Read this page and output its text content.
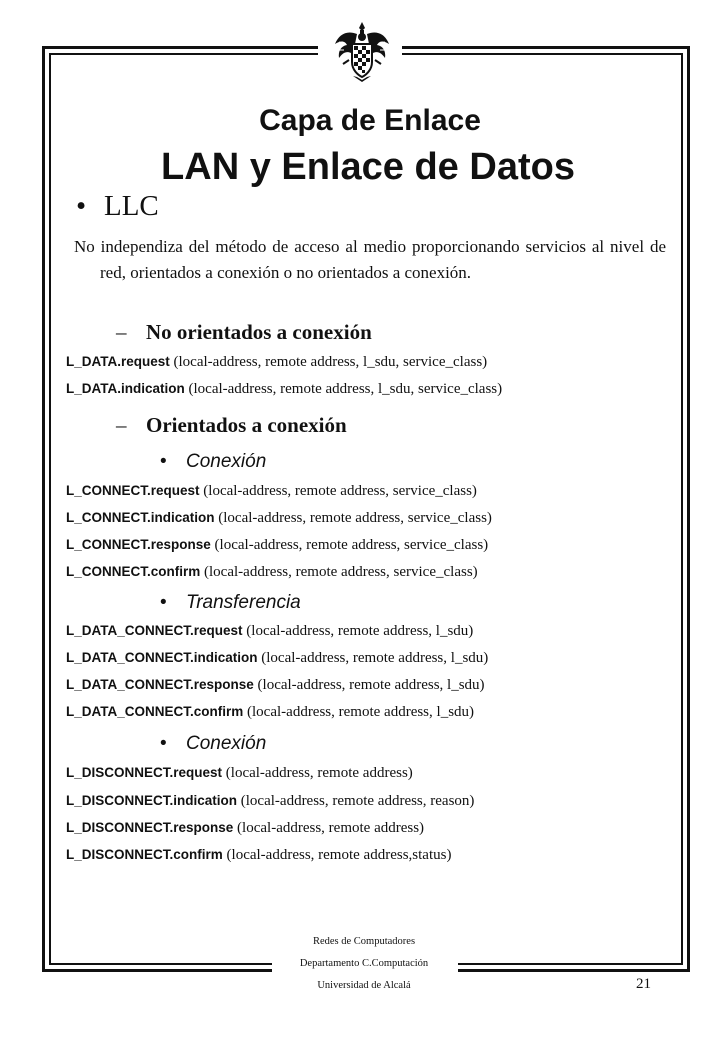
Capa de Enlace
LAN y Enlace de Datos
• LLC
No independiza del método de acceso al medio proporcionando servicios al nivel de red, orientados a conexión o no orientados a conexión.
– No orientados a conexión
L_DATA.request (local-address, remote address, l_sdu, service_class)
L_DATA.indication (local-address, remote address, l_sdu, service_class)
– Orientados a conexión
• Conexión
L_CONNECT.request (local-address, remote address, service_class)
L_CONNECT.indication (local-address, remote address, service_class)
L_CONNECT.response (local-address, remote address, service_class)
L_CONNECT.confirm (local-address, remote address, service_class)
• Transferencia
L_DATA_CONNECT.request (local-address, remote address, l_sdu)
L_DATA_CONNECT.indication (local-address, remote address, l_sdu)
L_DATA_CONNECT.response (local-address, remote address, l_sdu)
L_DATA_CONNECT.confirm (local-address, remote address, l_sdu)
• Conexión
L_DISCONNECT.request (local-address, remote address)
L_DISCONNECT.indication (local-address, remote address, reason)
L_DISCONNECT.response (local-address, remote address)
L_DISCONNECT.confirm (local-address, remote address,status)
Redes de Computadores
Departamento C.Computación
Universidad de Alcalá	21
